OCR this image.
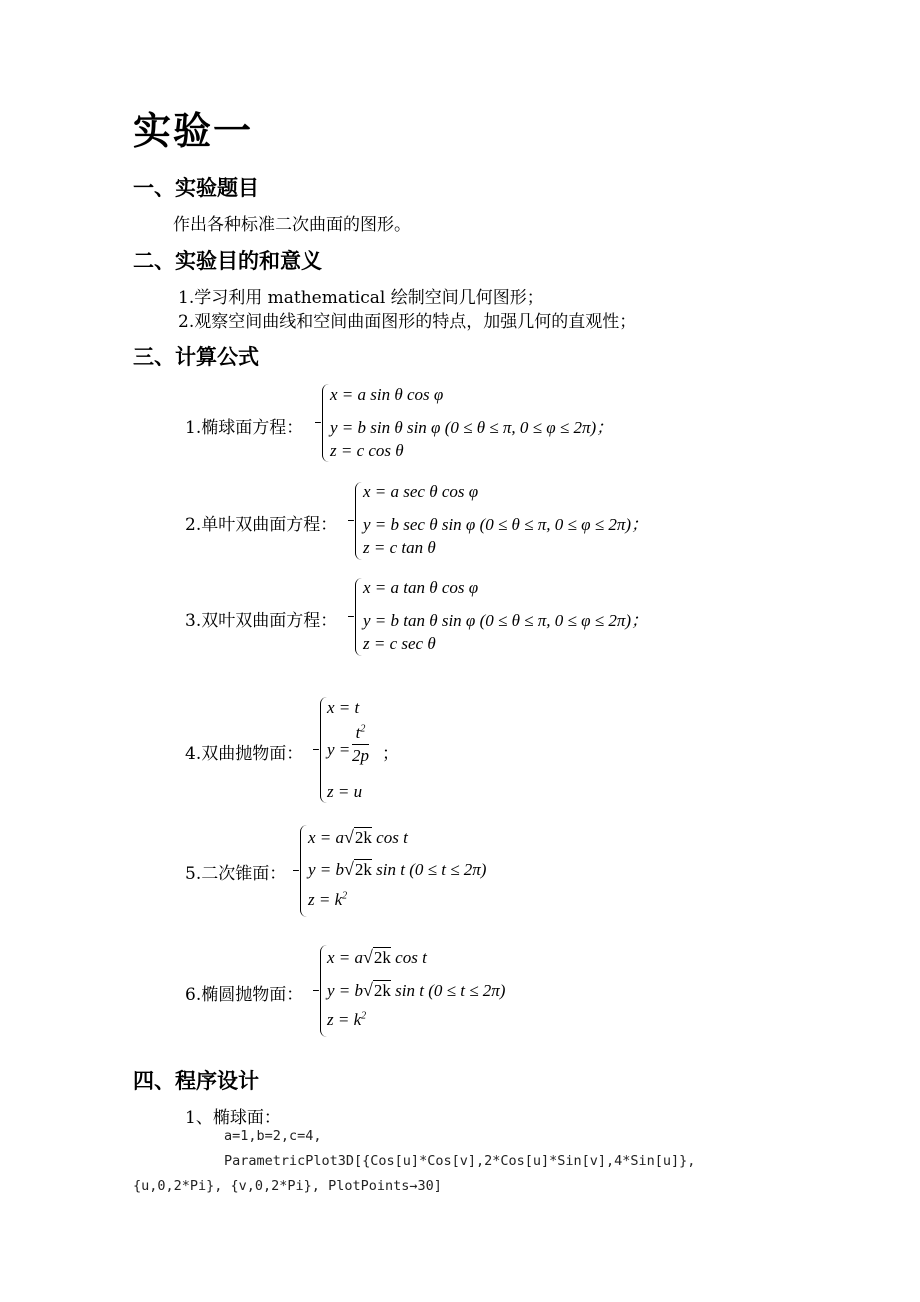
实验一
一、实验题目
作出各种标准二次曲面的图形。
二、实验目的和意义
1.学习利用 mathematical 绘制空间几何图形；
2.观察空间曲线和空间曲面图形的特点，加强几何的直观性；
三、计算公式
1.椭球面方程：
x = a sin θ cos φ
y = b sin θ sin φ (0 ≤ θ ≤ π, 0 ≤ φ ≤ 2π)；
z = c cos θ
2.单叶双曲面方程：
x = a sec θ cos φ
y = b sec θ sin φ (0 ≤ θ ≤ π, 0 ≤ φ ≤ 2π)；
z = c tan θ
3.双叶双曲面方程：
x = a tan θ cos φ
y = b tan θ sin φ (0 ≤ θ ≤ π, 0 ≤ φ ≤ 2π)；
z = c sec θ
4.双曲抛物面：
x = t
$y = \frac{t^2}{2p}$ ；
z = u
5.二次锥面：
x = a√2k cos t
y = b√2k sin t (0 ≤ t ≤ 2π)
$z = k^2$
6.椭圆抛物面：
x = a√2k cos t
y = b√2k sin t (0 ≤ t ≤ 2π)
$z = k^2$
四、程序设计
1、椭球面：
a=1,b=2,c=4,
ParametricPlot3D[{Cos[u]*Cos[v],2*Cos[u]*Sin[v],4*Sin[u]},
{u,0,2*Pi}, {v,0,2*Pi}, PlotPoints→30]
